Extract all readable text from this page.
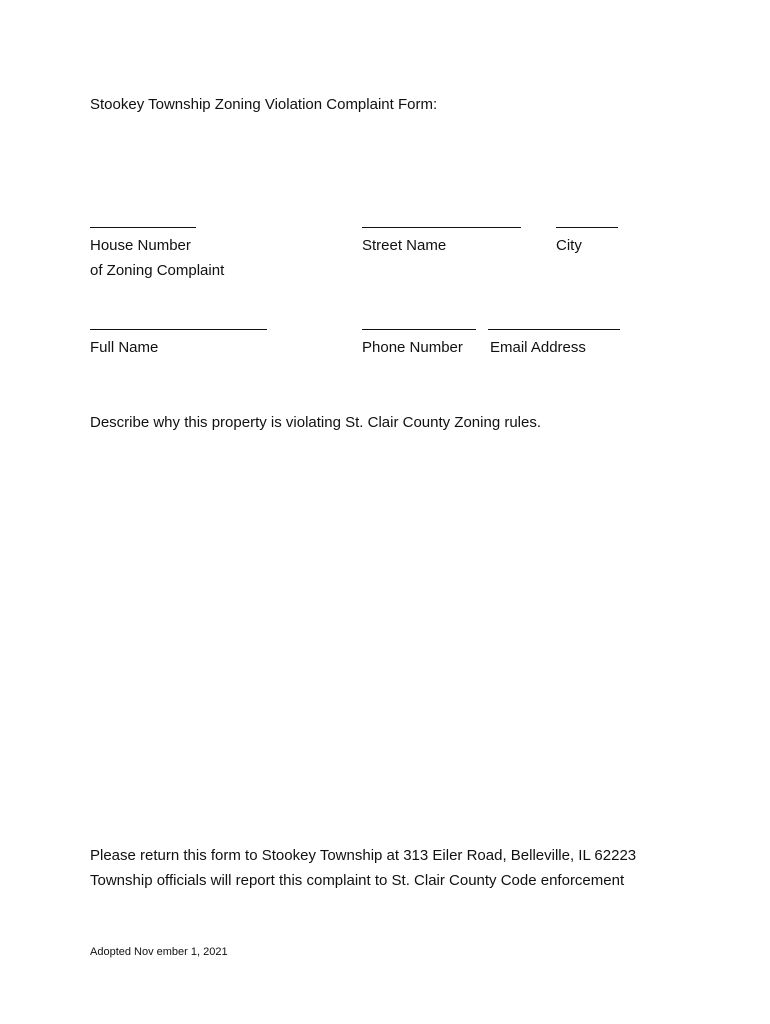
Stookey Township Zoning Violation Complaint Form:
House Number
of Zoning Complaint
Street Name	City
Full Name	Phone Number Email Address
Describe why this property is violating St. Clair County Zoning rules.
Please return this form to Stookey Township at 313 Eiler Road, Belleville, IL 62223
Township officials will report this complaint to St. Clair County Code enforcement
Adopted Nov ember 1, 2021
